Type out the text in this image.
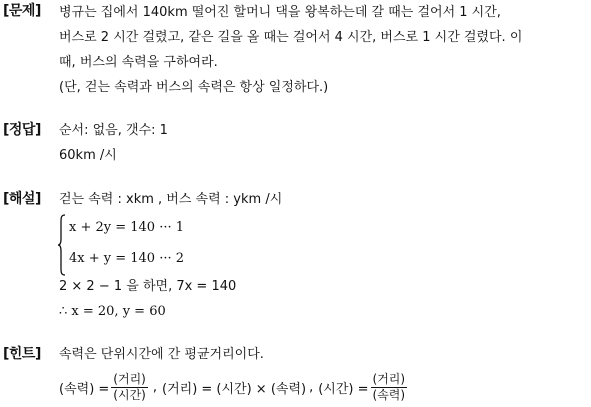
[문제] 병규는 집에서 140km 떨어진 할머니 댁을 왕복하는데 갈 때는 걸어서 1 시간,
버스로 2 시간 걸렸고, 같은 길을 올 때는 걸어서 4 시간, 버스로 1 시간 걸렸다. 이
때, 버스의 속력을 구하여라.
(단, 걷는 속력과 버스의 속력은 항상 일정하다.)
[정답] 순서: 없음, 갯수: 1
60km /시
[해설] 걷는 속력 : xkm , 버스 속력 : ykm /시
x + 2y = 140 ··· 1
4x + y = 140 ··· 2
2 × 2 − 1 을 하면, 7x = 140
∴ x = 20, y = 60
[힌트] 속력은 단위시간에 간 평균거리이다.
(속력) = $\frac{\text{(거리)}}{\text{(시간)}}$ , (거리) = (시간) × (속력) , (시간) = $\frac{\text{(거리)}}{\text{(속력)}}$
